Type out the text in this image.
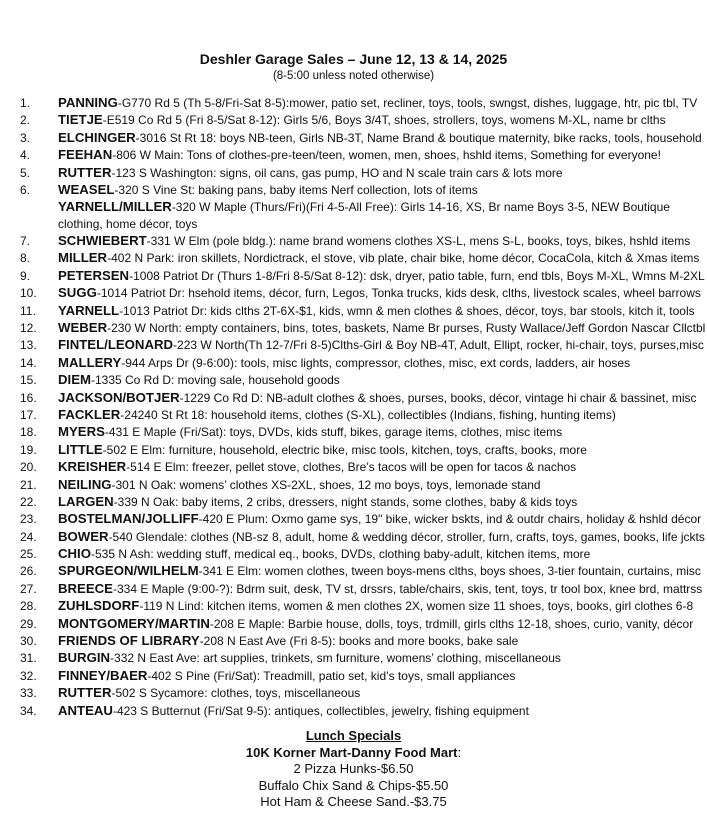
Deshler Garage Sales – June 12, 13 & 14, 2025
(8-5:00 unless noted otherwise)
1.	PANNING-G770 Rd 5 (Th 5-8/Fri-Sat 8-5):mower, patio set, recliner, toys, tools, swngst, dishes, luggage, htr, pic tbl, TV
2.	TIETJE-E519 Co Rd 5 (Fri 8-5/Sat 8-12): Girls 5/6, Boys 3/4T, shoes, strollers, toys, womens M-XL, name br clths
3.	ELCHINGER-3016 St Rt 18: boys NB-teen, Girls NB-3T, Name Brand & boutique maternity, bike racks, tools, household
4.	FEEHAN-806 W Main: Tons of clothes-pre-teen/teen, women, men, shoes, hshld items, Something for everyone!
5.	RUTTER-123 S Washington: signs, oil cans, gas pump, HO and N scale train cars & lots more
6.	WEASEL-320 S Vine St: baking pans, baby items Nerf collection, lots of items
YARNELL/MILLER-320 W Maple (Thurs/Fri)(Fri 4-5-All Free): Girls 14-16, XS, Br name Boys 3-5, NEW Boutique clothing, home décor, toys
7.	SCHWIEBERT-331 W Elm (pole bldg.): name brand womens clothes XS-L, mens S-L, books, toys, bikes, hshld items
8.	MILLER-402 N Park: iron skillets, Nordictrack, el stove, vib plate, chair bike, home décor, CocaCola, kitch & Xmas items
9.	PETERSEN-1008 Patriot Dr (Thurs 1-8/Fri 8-5/Sat 8-12): dsk, dryer, patio table, furn, end tbls, Boys M-XL, Wmns M-2XL
10.	SUGG-1014 Patriot Dr: hsehold items, décor, furn, Legos, Tonka trucks, kids desk, clths, livestock scales, wheel barrows
11.	YARNELL-1013 Patriot Dr: kids clths 2T-6X-$1, kids, wmn & men clothes & shoes, décor, toys, bar stools, kitch it, tools
12.	WEBER-230 W North: empty containers, bins, totes, baskets, Name Br purses, Rusty Wallace/Jeff Gordon Nascar Cllctbl
13.	FINTEL/LEONARD-223 W North(Th 12-7/Fri 8-5)Clths-Girl & Boy NB-4T, Adult, Ellipt, rocker, hi-chair, toys, purses,misc
14.	MALLERY-944 Arps Dr (9-6:00): tools, misc lights, compressor, clothes, misc, ext cords, ladders, air hoses
15.	DIEM-1335 Co Rd D: moving sale, household goods
16.	JACKSON/BOTJER-1229 Co Rd D: NB-adult clothes & shoes, purses, books, décor, vintage hi chair & bassinet, misc
17.	FACKLER-24240 St Rt 18: household items, clothes (S-XL), collectibles (Indians, fishing, hunting items)
18.	MYERS-431 E Maple (Fri/Sat): toys, DVDs, kids stuff, bikes, garage items, clothes, misc items
19.	LITTLE-502 E Elm: furniture, household, electric bike, misc tools, kitchen, toys, crafts, books, more
20.	KREISHER-514 E Elm: freezer, pellet stove, clothes, Bre’s tacos will be open for tacos & nachos
21.	NEILING-301 N Oak: womens’ clothes XS-2XL, shoes, 12 mo boys, toys, lemonade stand
22.	LARGEN-339 N Oak: baby items, 2 cribs, dressers, night stands, some clothes, baby & kids toys
23.	BOSTELMAN/JOLLIFF-420 E Plum: Oxmo game sys, 19" bike, wicker bskts, ind & outdr chairs, holiday & hshld décor
24.	BOWER-540 Glendale: clothes (NB-sz 8, adult, home & wedding décor, stroller, furn, crafts, toys, games, books, life jckts
25.	CHIO-535 N Ash: wedding stuff, medical eq., books, DVDs, clothing baby-adult, kitchen items, more
26.	SPURGEON/WILHELM-341 E Elm: women clothes, tween boys-mens clths, boys shoes, 3-tier fountain, curtains, misc
27.	BREECE-334 E Maple (9:00-?): Bdrm suit, desk, TV st, drssrs, table/chairs, skis, tent, toys, tr tool box, knee brd, mattrss
28.	ZUHLSDORF-119 N Lind: kitchen items, women & men clothes 2X, women size 11 shoes, toys, books, girl clothes 6-8
29.	MONTGOMERY/MARTIN-208 E Maple: Barbie house, dolls, toys, trdmill, girls clths 12-18, shoes, curio, vanity, décor
30.	FRIENDS OF LIBRARY-208 N East Ave (Fri 8-5): books and more books, bake sale
31.	BURGIN-332 N East Ave: art supplies, trinkets, sm furniture, womens’ clothing, miscellaneous
32.	FINNEY/BAER-402 S Pine (Fri/Sat): Treadmill, patio set, kid’s toys, small appliances
33.	RUTTER-502 S Sycamore: clothes, toys, miscellaneous
34.	ANTEAU-423 S Butternut (Fri/Sat 9-5): antiques, collectibles, jewelry, fishing equipment
Lunch Specials
10K Korner Mart-Danny Food Mart:
2 Pizza Hunks-$6.50
Buffalo Chix Sand & Chips-$5.50
Hot Ham & Cheese Sand.-$3.75
